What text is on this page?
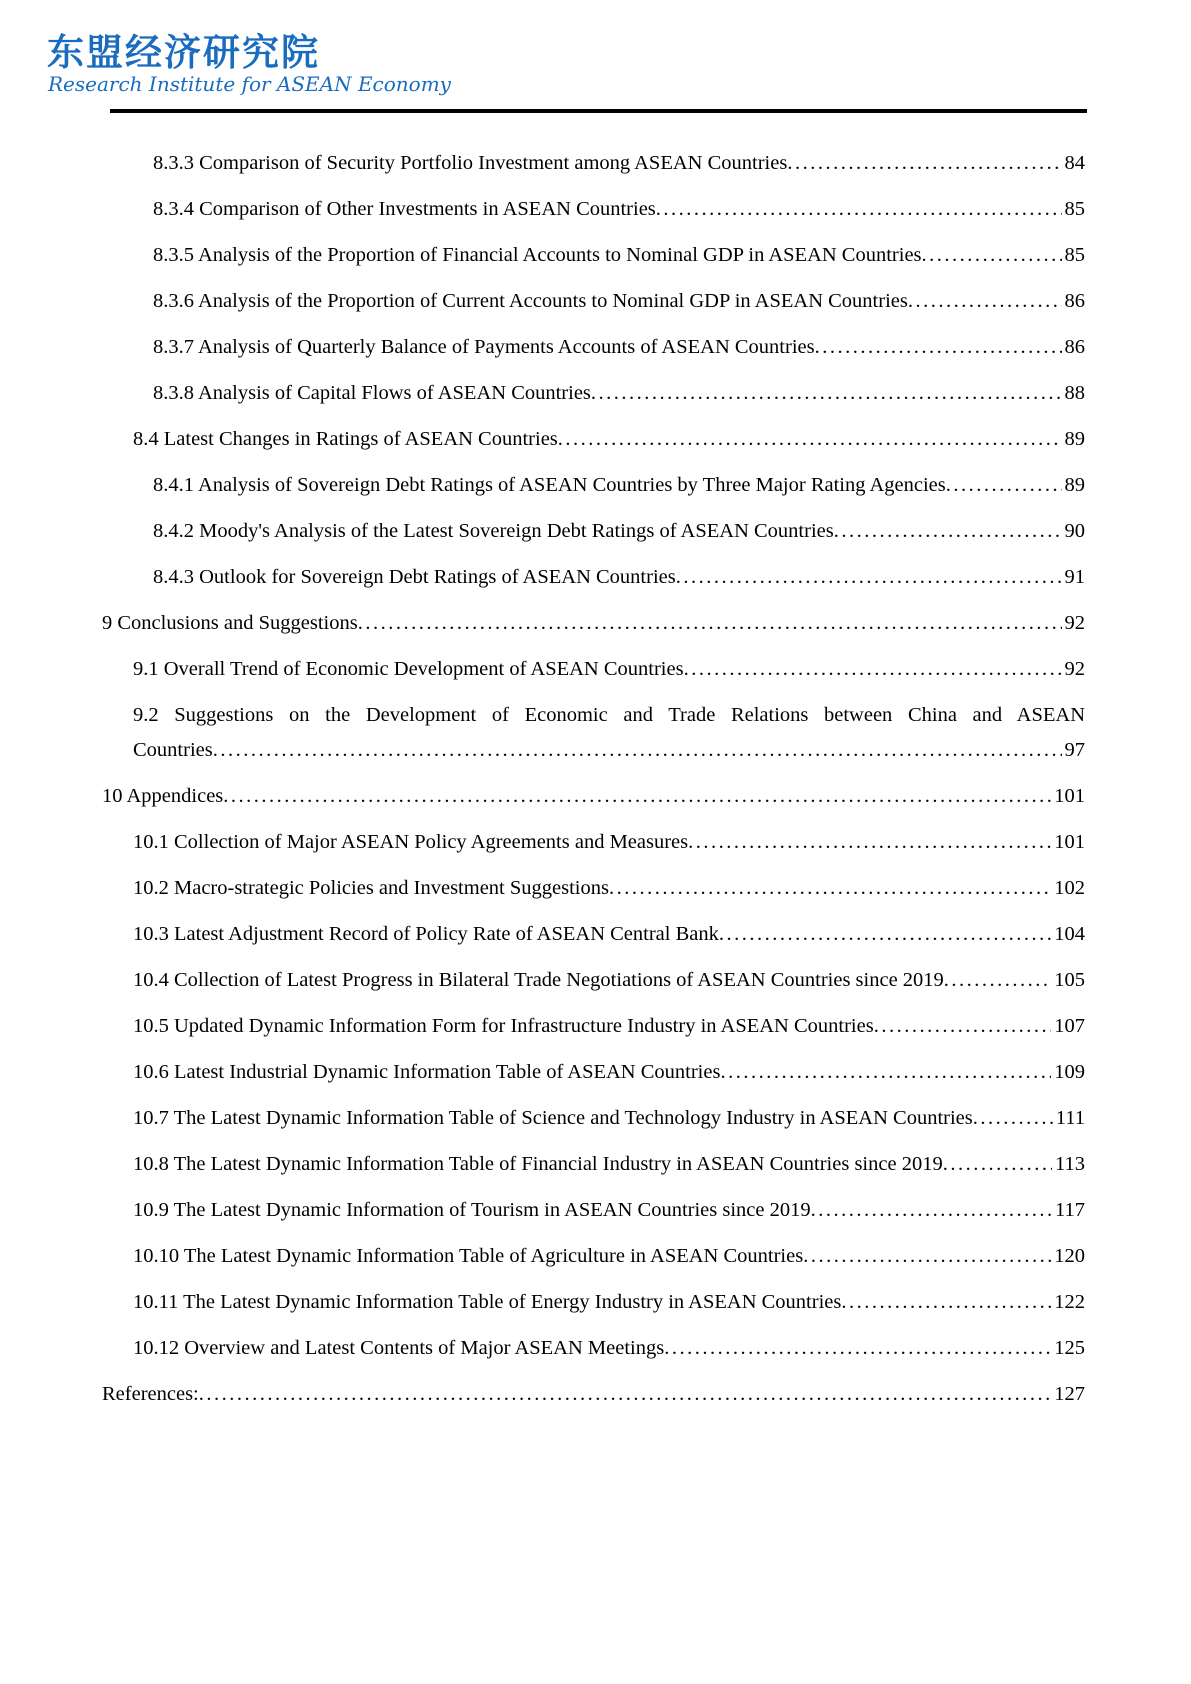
东盟经济研究院
Research Institute for ASEAN Economy
8.3.3 Comparison of Security Portfolio Investment among ASEAN Countries .....	84
8.3.4 Comparison of Other Investments in ASEAN Countries .....	85
8.3.5 Analysis of the Proportion of Financial Accounts to Nominal GDP in ASEAN Countries .....	85
8.3.6 Analysis of the Proportion of Current Accounts to Nominal GDP in ASEAN Countries .....	86
8.3.7 Analysis of Quarterly Balance of Payments Accounts of ASEAN Countries .....	86
8.3.8 Analysis of Capital Flows of ASEAN Countries .....	88
8.4 Latest Changes in Ratings of ASEAN Countries .....	89
8.4.1 Analysis of Sovereign Debt Ratings of ASEAN Countries by Three Major Rating Agencies .....	89
8.4.2 Moody's Analysis of the Latest Sovereign Debt Ratings of ASEAN Countries .....	90
8.4.3 Outlook for Sovereign Debt Ratings of ASEAN Countries .....	91
9 Conclusions and Suggestions .....	92
9.1 Overall Trend of Economic Development of ASEAN Countries .....	92
9.2 Suggestions on the Development of Economic and Trade Relations between China and ASEAN
Countries .....	97
10 Appendices .....	101
10.1 Collection of Major ASEAN Policy Agreements and Measures .....	101
10.2 Macro-strategic Policies and Investment Suggestions .....	102
10.3 Latest Adjustment Record of Policy Rate of ASEAN Central Bank .....	104
10.4 Collection of Latest Progress in Bilateral Trade Negotiations of ASEAN Countries since 2019 .....	105
10.5 Updated Dynamic Information Form for Infrastructure Industry in ASEAN Countries .....	107
10.6 Latest Industrial Dynamic Information Table of ASEAN Countries .....	109
10.7 The Latest Dynamic Information Table of Science and Technology Industry in ASEAN Countries .....	111
10.8 The Latest Dynamic Information Table of Financial Industry in ASEAN Countries since 2019 .....	113
10.9 The Latest Dynamic Information of Tourism in ASEAN Countries since 2019 .....	117
10.10 The Latest Dynamic Information Table of Agriculture in ASEAN Countries .....	120
10.11 The Latest Dynamic Information Table of Energy Industry in ASEAN Countries .....	122
10.12 Overview and Latest Contents of Major ASEAN Meetings .....	125
References: .....	127
